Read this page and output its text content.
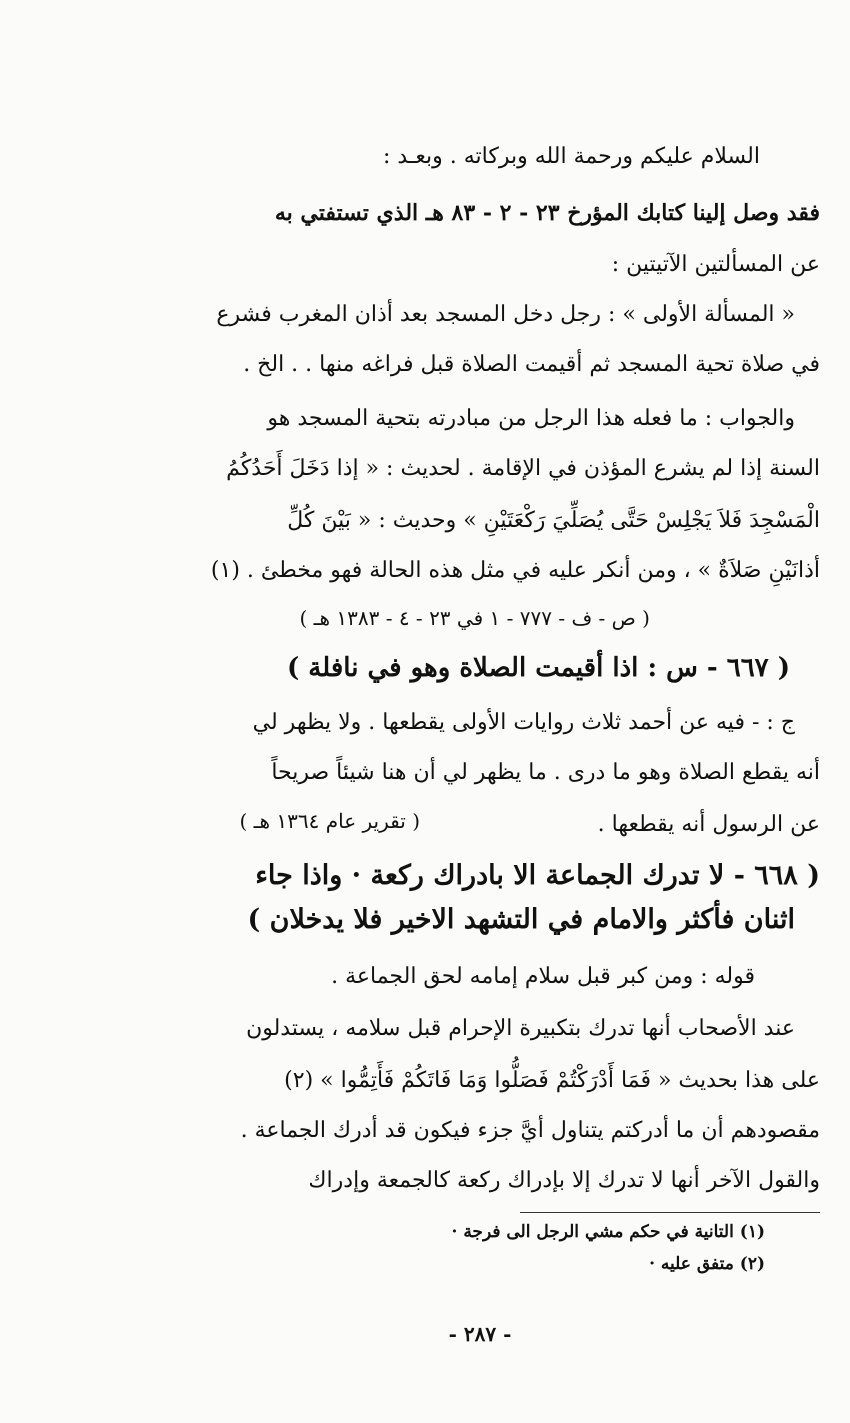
السلام عليكم ورحمة الله وبركاته . وبعـد :
فقد وصل إلينا كتابك المؤرخ ٢٣ - ٢ - ٨٣ هـ الذي تستفتي به
عن المسألتين الآتيتين :
« المسألة الأولى » : رجل دخل المسجد بعد أذان المغرب فشرع
في صلاة تحية المسجد ثم أقيمت الصلاة قبل فراغه منها . . الخ .
والجواب : ما فعله هذا الرجل من مبادرته بتحية المسجد هو
السنة إذا لم يشرع المؤذن في الإقامة . لحديث : « إذا دَخَلَ أَحَدُكُمُ
الْمَسْجِدَ فَلاَ يَجْلِسْ حَتَّى يُصَلِّيَ رَكْعَتَيْنِ » وحديث : « بَيْنَ كُلِّ
أذانَيْنِ صَلاَةٌ » ، ومن أنكر عليه في مثل هذه الحالة فهو مخطئ . (١)
( ص - ف - ٧٧٧ - ١ في ٢٣ - ٤ - ١٣٨٣ هـ )
( ٦٦٧ - س : اذا أقيمت الصلاة وهو في نافلة )
ج : - فيه عن أحمد ثلاث روايات الأولى يقطعها . ولا يظهر لي
أنه يقطع الصلاة وهو ما درى . ما يظهر لي أن هنا شيئاً صريحاً
عن الرسول أنه يقطعها .
( تقرير عام ١٣٦٤ هـ )
( ٦٦٨ - لا تدرك الجماعة الا بادراك ركعة · واذا جاء
اثنان فأكثر والامام في التشهد الاخير فلا يدخلان )
قوله : ومن كبر قبل سلام إمامه لحق الجماعة .
عند الأصحاب أنها تدرك بتكبيرة الإحرام قبل سلامه ، يستدلون
على هذا بحديث « فَمَا أَدْرَكْتُمْ فَصَلُّوا وَمَا فَاتَكُمْ فَأَتِمُّوا » (٢)
مقصودهم أن ما أدركتم يتناول أيَّ جزء فيكون قد أدرك الجماعة .
والقول الآخر أنها لا تدرك إلا بإدراك ركعة كالجمعة وإدراك
(١) التانية في حكم مشي الرجل الى فرجة ·
(٢) متفق عليه ·
- ٢٨٧ -
